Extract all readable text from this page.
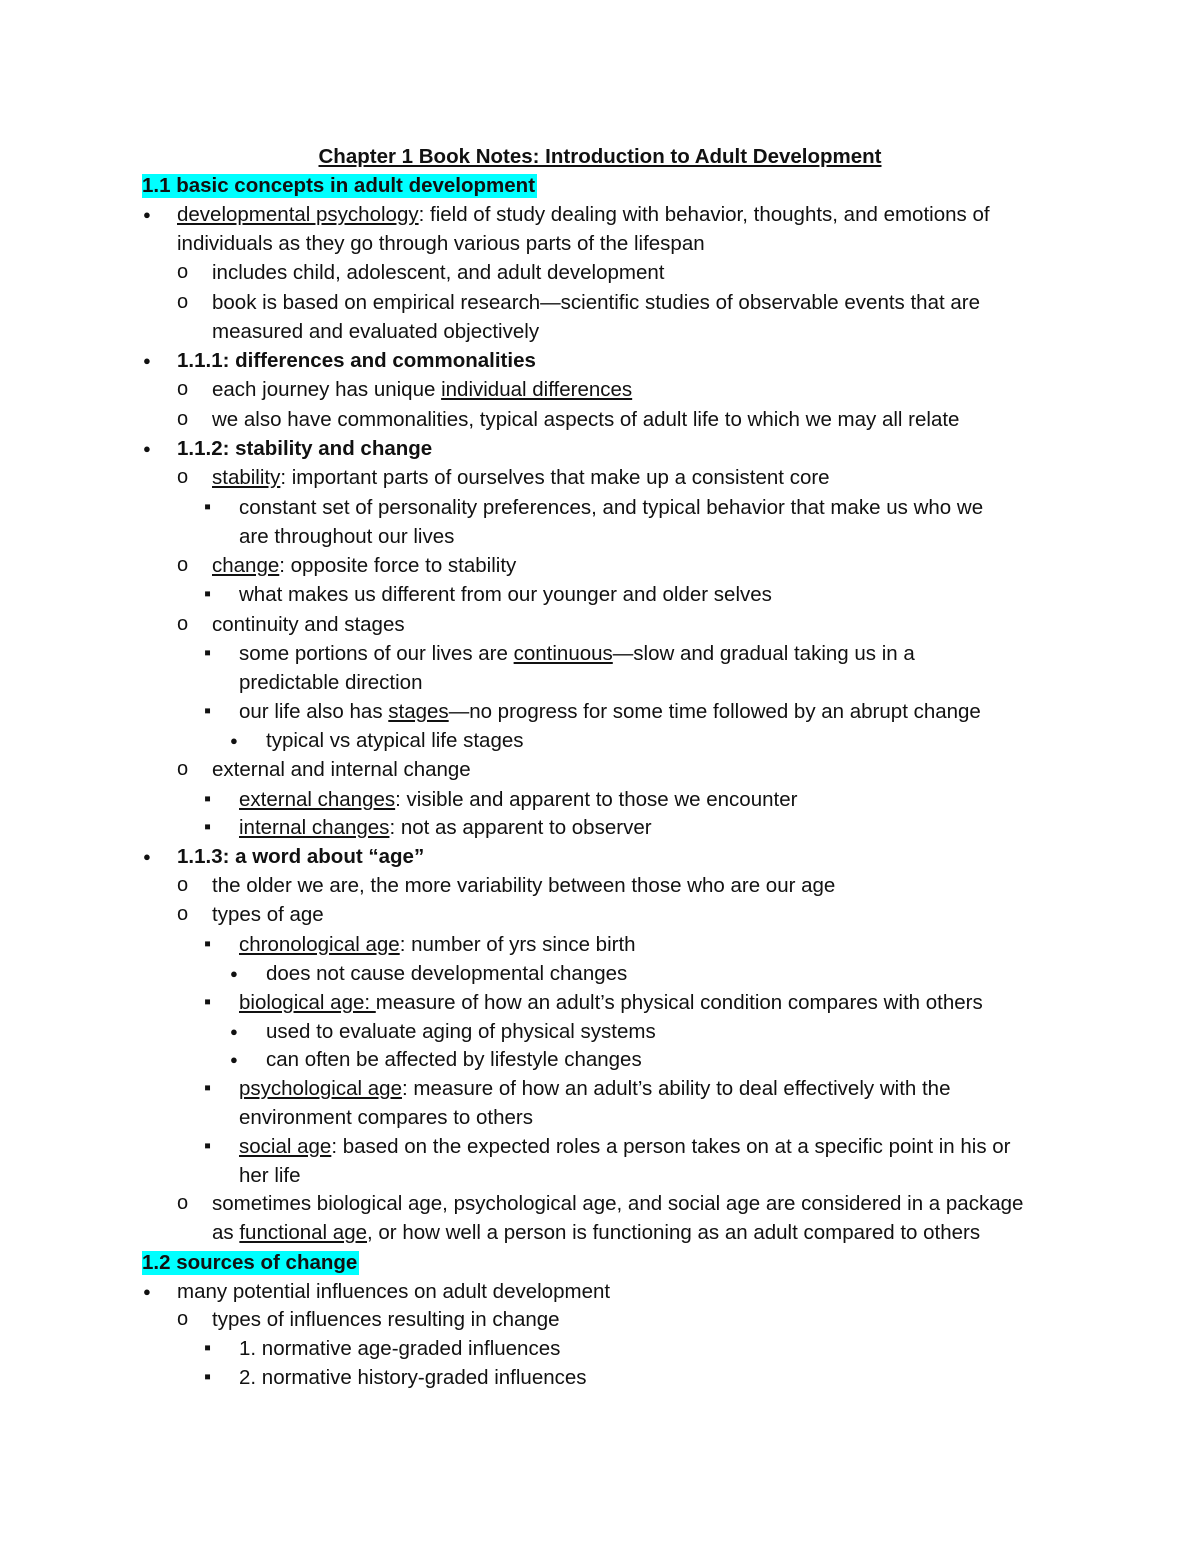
Chapter 1 Book Notes: Introduction to Adult Development
1.1 basic concepts in adult development
● developmental psychology: field of study dealing with behavior, thoughts, and emotions of
individuals as they go through various parts of the lifespan
o includes child, adolescent, and adult development
o book is based on empirical research—scientific studies of observable events that are
measured and evaluated objectively
● 1.1.1: differences and commonalities
o each journey has unique individual differences
o we also have commonalities, typical aspects of adult life to which we may all relate
● 1.1.2: stability and change
o stability: important parts of ourselves that make up a consistent core
▪ constant set of personality preferences, and typical behavior that make us who we
are throughout our lives
o change: opposite force to stability
▪ what makes us different from our younger and older selves
o continuity and stages
▪ some portions of our lives are continuous—slow and gradual taking us in a
predictable direction
▪ our life also has stages—no progress for some time followed by an abrupt change
● typical vs atypical life stages
o external and internal change
▪ external changes: visible and apparent to those we encounter
▪ internal changes: not as apparent to observer
● 1.1.3: a word about “age”
o the older we are, the more variability between those who are our age
o types of age
▪ chronological age: number of yrs since birth
● does not cause developmental changes
▪ biological age: measure of how an adult’s physical condition compares with others
● used to evaluate aging of physical systems
● can often be affected by lifestyle changes
▪ psychological age: measure of how an adult’s ability to deal effectively with the
environment compares to others
▪ social age: based on the expected roles a person takes on at a specific point in his or
her life
o sometimes biological age, psychological age, and social age are considered in a package
as functional age, or how well a person is functioning as an adult compared to others
1.2 sources of change
● many potential influences on adult development
o types of influences resulting in change
▪ 1. normative age-graded influences
▪ 2. normative history-graded influences
